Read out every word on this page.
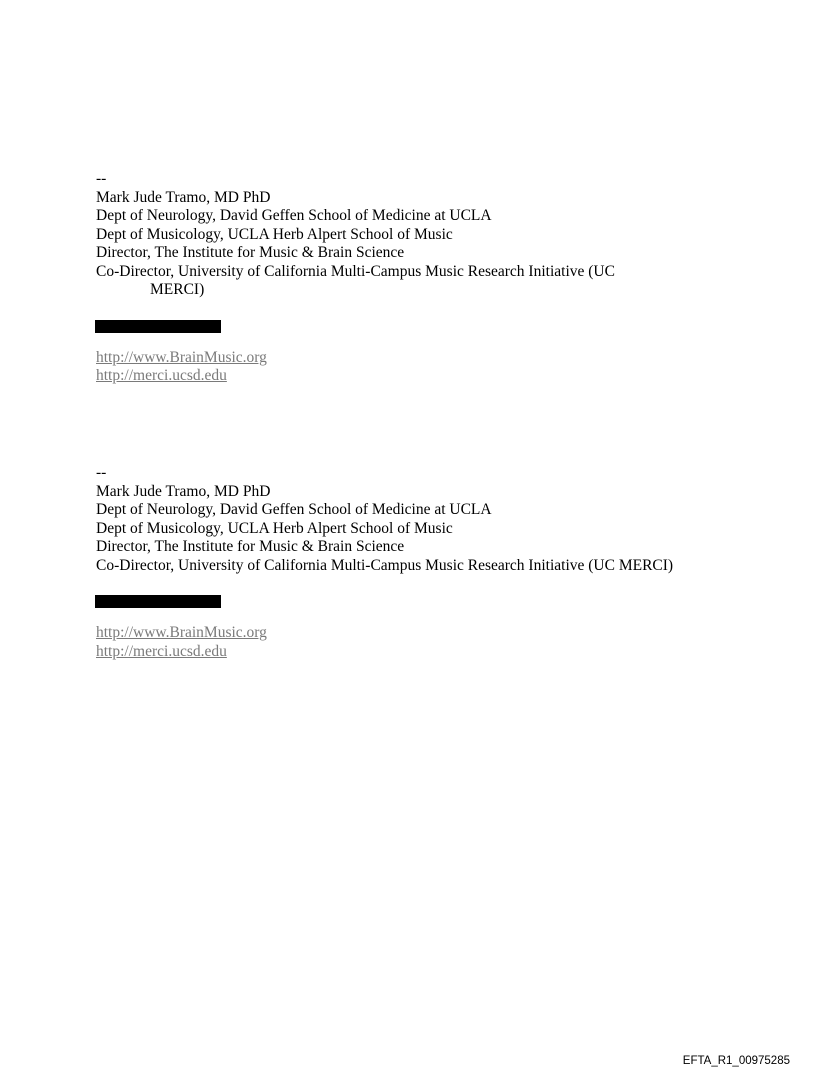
--
Mark Jude Tramo, MD PhD
Dept of Neurology, David Geffen School of Medicine at UCLA
Dept of Musicology, UCLA Herb Alpert School of Music
Director, The Institute for Music & Brain Science
Co-Director, University of California Multi-Campus Music Research Initiative (UC
MERCI)
http://www.BrainMusic.org
http://merci.ucsd.edu
--
Mark Jude Tramo, MD PhD
Dept of Neurology, David Geffen School of Medicine at UCLA
Dept of Musicology, UCLA Herb Alpert School of Music
Director, The Institute for Music & Brain Science
Co-Director, University of California Multi-Campus Music Research Initiative (UC MERCI)
http://www.BrainMusic.org
http://merci.ucsd.edu
EFTA_R1_00975285
